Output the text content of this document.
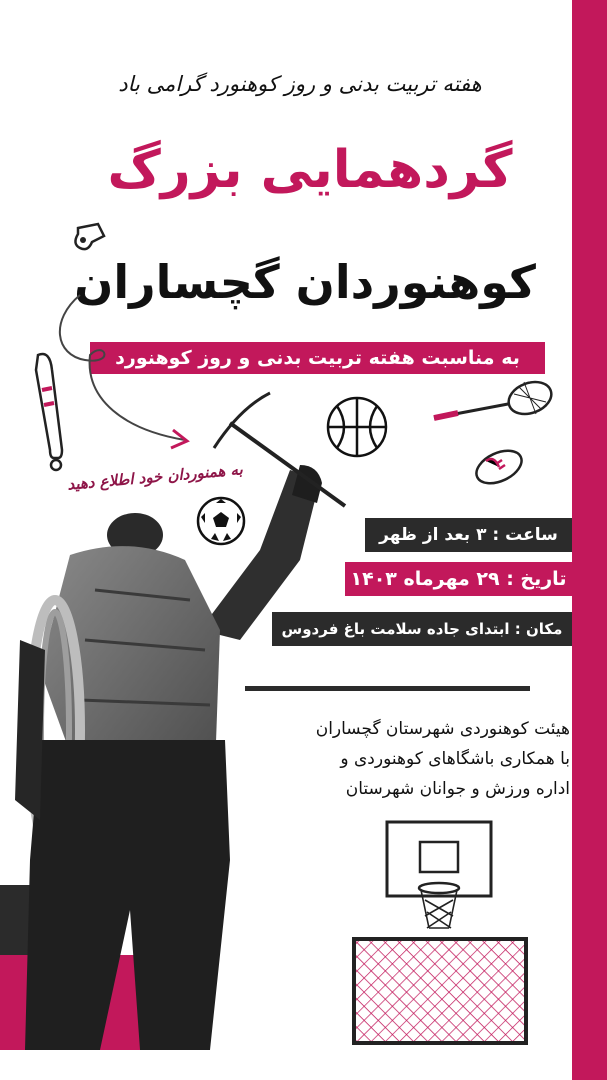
هفته تربیت بدنی و روز کوهنورد گرامی باد
گردهمایی بزرگ
کوهنوردان گچساران
به مناسبت هفته تربیت بدنی و روز کوهنورد
به همنوردان خود اطلاع دهید
ساعت : ۳ بعد از ظهر
تاریخ : ۲۹ مهرماه ۱۴۰۳
مکان : ابتدای جاده سلامت باغ فردوس
هیئت کوهنوردی شهرستان گچساران
با همکاری باشگاهای کوهنوردی و
اداره ورزش و جوانان شهرستان
